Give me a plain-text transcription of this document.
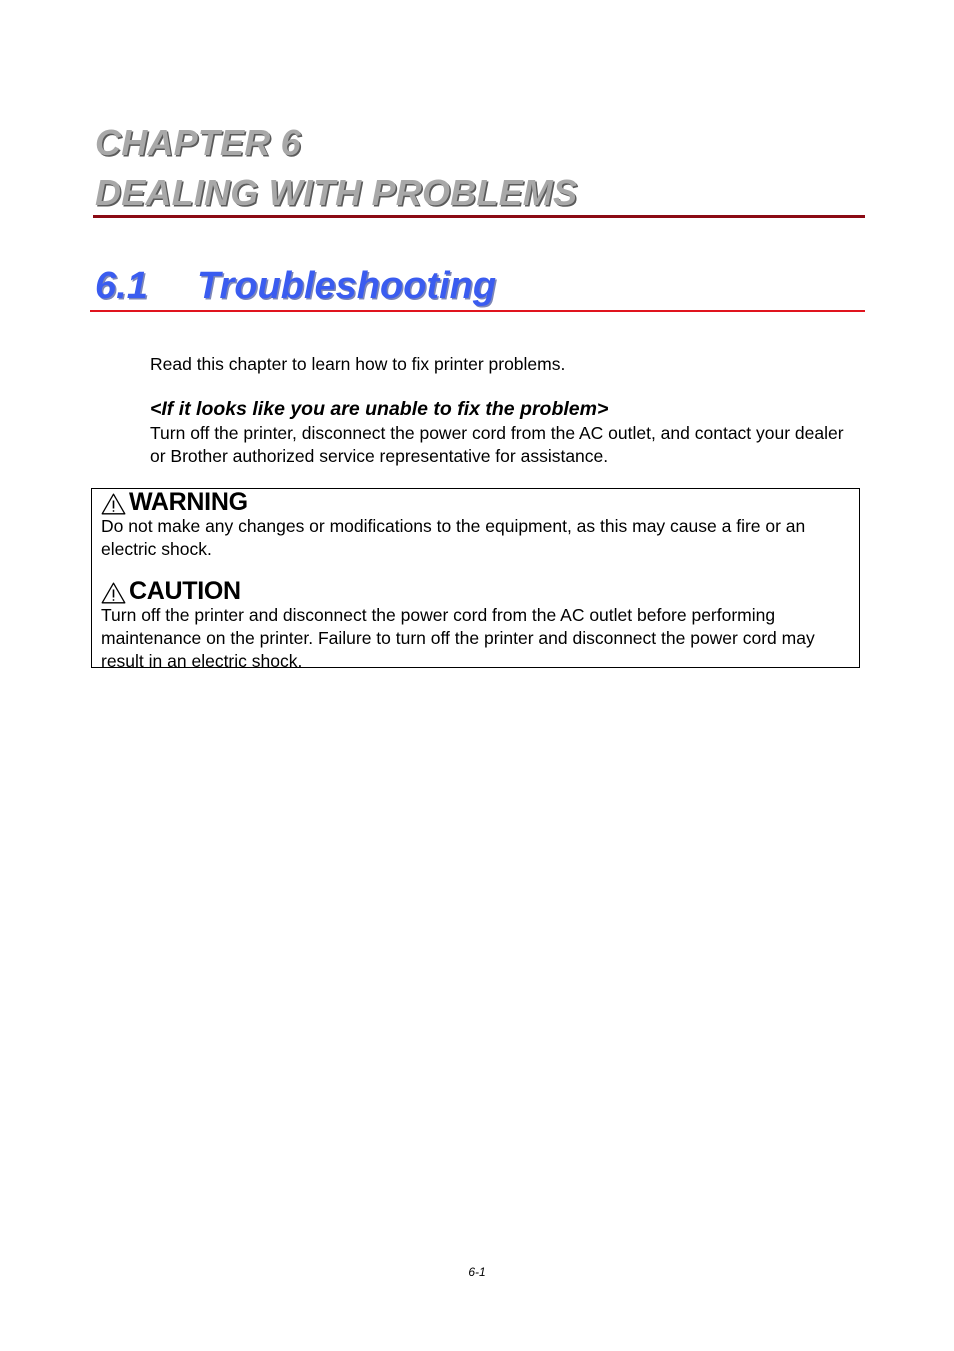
CHAPTER 6
DEALING WITH PROBLEMS
6.1 Troubleshooting

Read this chapter to learn how to fix printer problems.

<If it looks like you are unable to fix the problem>

Turn off the printer, disconnect the power cord from the AC outlet, and contact your dealer or Brother authorized service representative for assistance.

WARNING

Do not make any changes or modifications to the equipment, as this may cause a fire or an electric shock.

CAUTION

Turn off the printer and disconnect the power cord from the AC outlet before performing maintenance on the printer. Failure to turn off the printer and disconnect the power cord may result in an electric shock.

6-1
